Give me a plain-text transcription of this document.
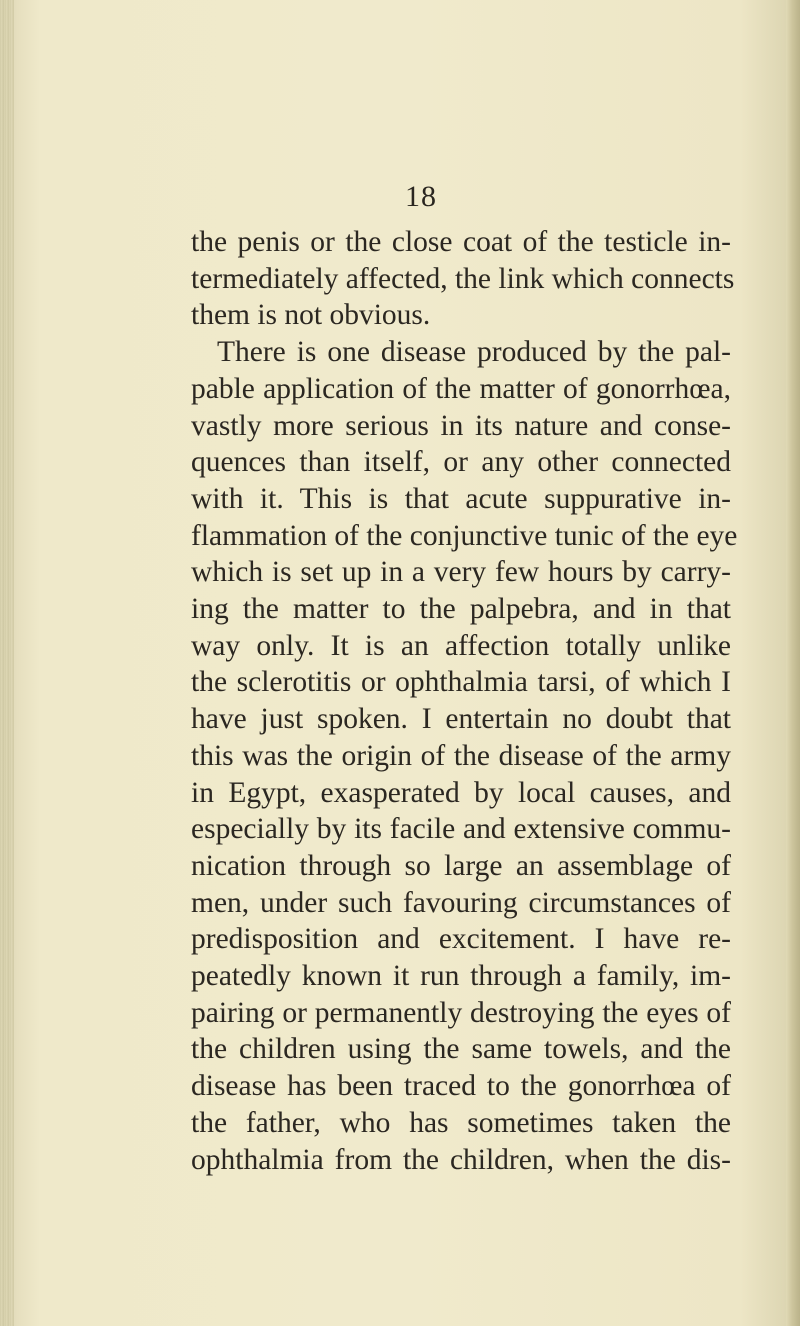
18
the penis or the close coat of the testicle in-
termediately affected, the link which connects
them is not obvious.
There is one disease produced by the pal-
pable application of the matter of gonorrhœa,
vastly more serious in its nature and conse-
quences than itself, or any other connected
with it. This is that acute suppurative in-
flammation of the conjunctive tunic of the eye
which is set up in a very few hours by carry-
ing the matter to the palpebra, and in that
way only. It is an affection totally unlike
the sclerotitis or ophthalmia tarsi, of which I
have just spoken. I entertain no doubt that
this was the origin of the disease of the army
in Egypt, exasperated by local causes, and
especially by its facile and extensive commu-
nication through so large an assemblage of
men, under such favouring circumstances of
predisposition and excitement. I have re-
peatedly known it run through a family, im-
pairing or permanently destroying the eyes of
the children using the same towels, and the
disease has been traced to the gonorrhœa of
the father, who has sometimes taken the
ophthalmia from the children, when the dis-
